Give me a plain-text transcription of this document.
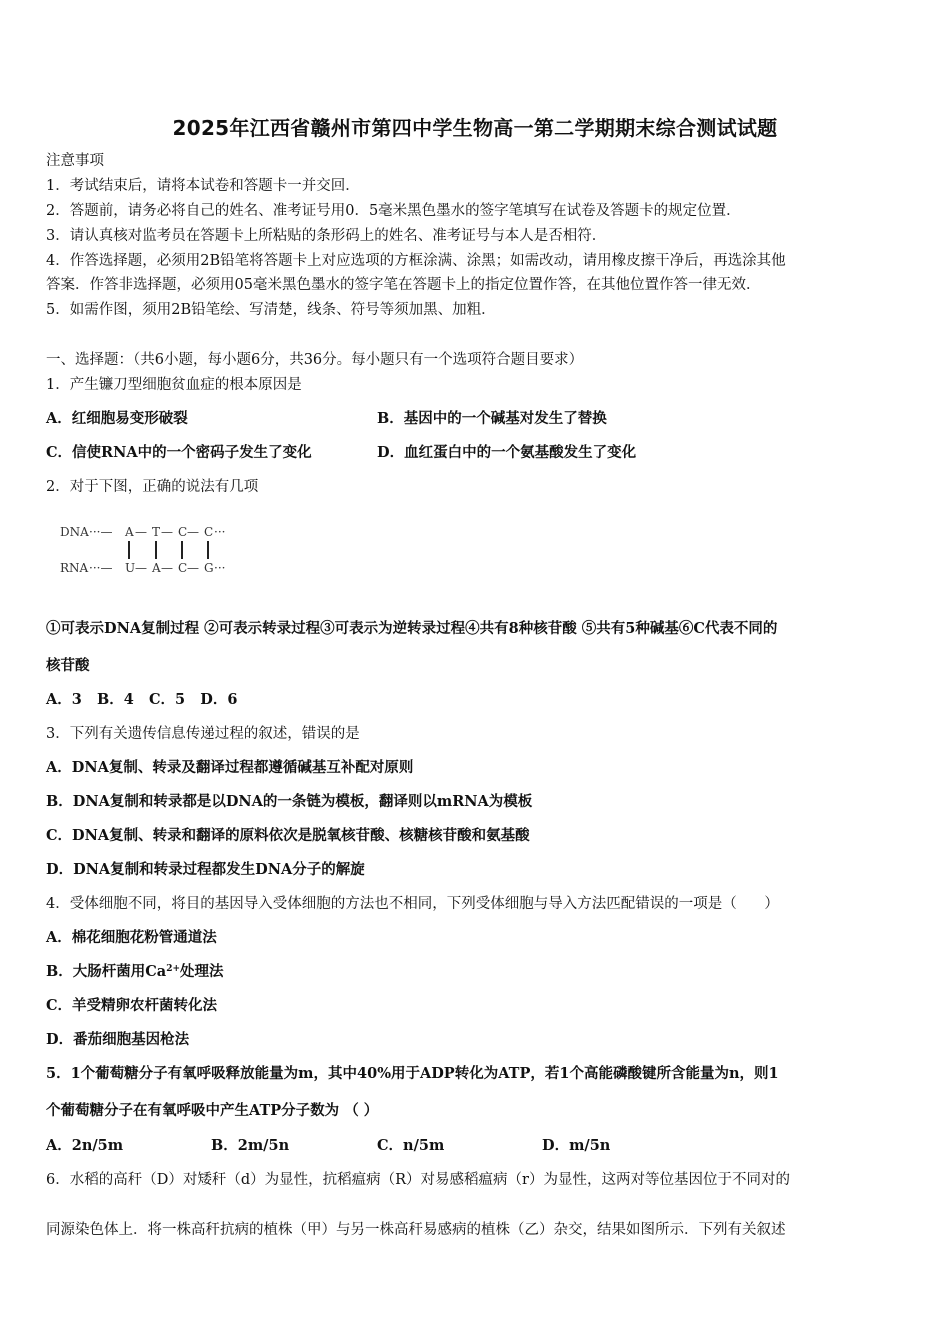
2025年江西省赣州市第四中学生物高一第二学期期末综合测试试题
注意事项
1．考试结束后，请将本试卷和答题卡一并交回．
2．答题前，请务必将自己的姓名、准考证号用0．5毫米黑色墨水的签字笔填写在试卷及答题卡的规定位置．
3．请认真核对监考员在答题卡上所粘贴的条形码上的姓名、准考证号与本人是否相符．
4．作答选择题，必须用2B铅笔将答题卡上对应选项的方框涂满、涂黑；如需改动，请用橡皮擦干净后，再选涂其他
答案．作答非选择题，必须用05毫米黑色墨水的签字笔在答题卡上的指定位置作答，在其他位置作答一律无效．
5．如需作图，须用2B铅笔绘、写清楚，线条、符号等须加黑、加粗．
一、选择题：（共6小题，每小题6分，共36分。每小题只有一个选项符合题目要求）
1．产生镰刀型细胞贫血症的根本原因是
A．红细胞易变形破裂	B．基因中的一个碱基对发生了替换
C．信使RNA中的一个密码子发生了变化	D．血红蛋白中的一个氨基酸发生了变化
2．对于下图，正确的说法有几项
DNA
RNA
···— A — T — C — C ···
···— U — A — C — G ···
①可表示DNA复制过程 ②可表示转录过程③可表示为逆转录过程④共有8种核苷酸 ⑤共有5种碱基⑥C代表不同的
核苷酸
A．3   B．4   C．5   D．6
3．下列有关遗传信息传递过程的叙述，错误的是
A．DNA复制、转录及翻译过程都遵循碱基互补配对原则
B．DNA复制和转录都是以DNA的一条链为模板，翻译则以mRNA为模板
C．DNA复制、转录和翻译的原料依次是脱氧核苷酸、核糖核苷酸和氨基酸
D．DNA复制和转录过程都发生DNA分子的解旋
4．受体细胞不同，将目的基因导入受体细胞的方法也不相同，下列受体细胞与导入方法匹配错误的一项是（      ）
A．棉花细胞花粉管通道法
B．大肠杆菌用$Ca^{2+}$处理法
C．羊受精卵农杆菌转化法
D．番茄细胞基因枪法
5．1个葡萄糖分子有氧呼吸释放能量为m，其中40%用于ADP转化为ATP，若1个高能磷酸键所含能量为n，则1
个葡萄糖分子在有氧呼吸中产生ATP分子数为 （ ）
A．2n/5m	B．2m/5n	C．n/5m	D．m/5n
6．水稻的高秆（D）对矮秆（d）为显性，抗稻瘟病（R）对易感稻瘟病（r）为显性，这两对等位基因位于不同对的
同源染色体上．将一株高秆抗病的植株（甲）与另一株高秆易感病的植株（乙）杂交，结果如图所示．下列有关叙述
